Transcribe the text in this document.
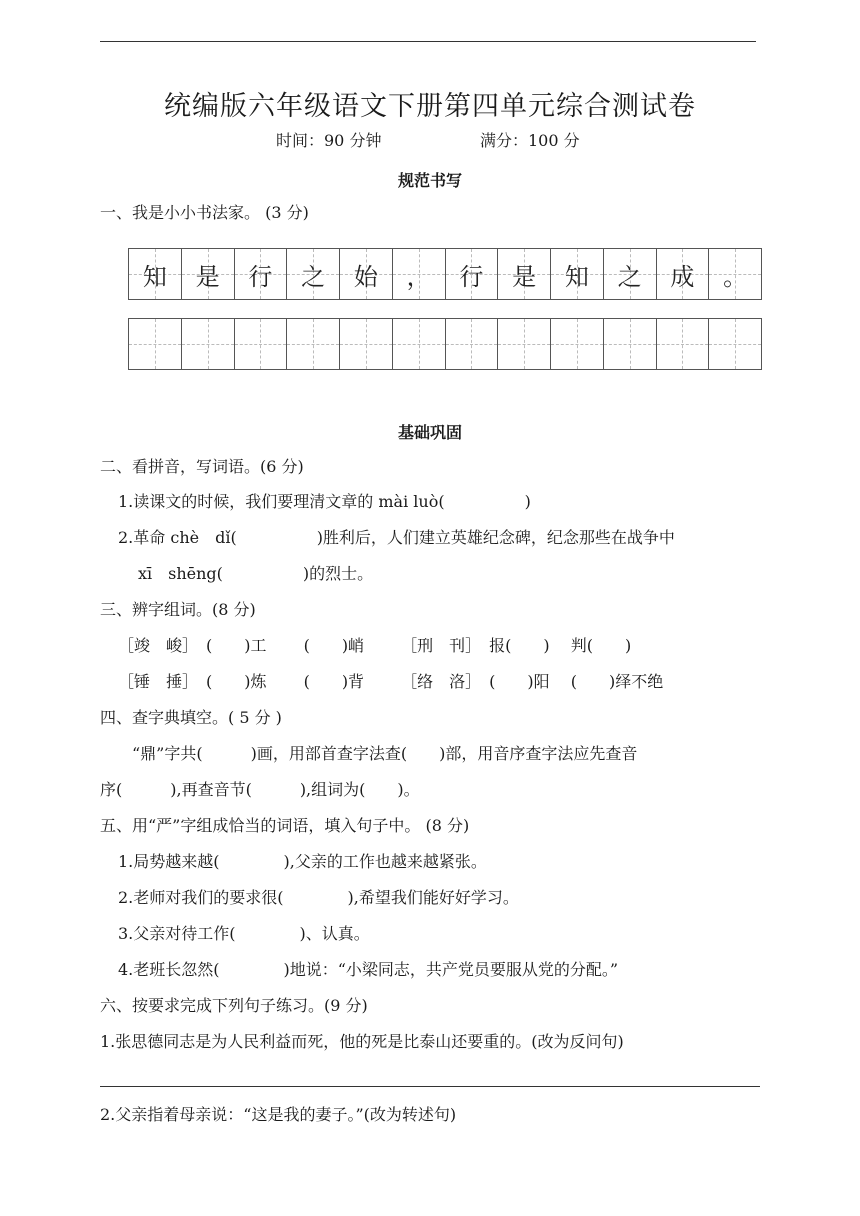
统编版六年级语文下册第四单元综合测试卷
时间：90 分钟	满分：100 分
规范书写
一、我是小小书法家。 (3 分)
知 是 行 之 始 ， 行 是 知 之 成 。
基础巩固
二、看拼音，写词语。(6 分)
1.读课文的时候，我们要理清文章的 mài luò(　　　　　)
2.革命 chè　dǐ(　　　　　)胜利后，人们建立英雄纪念碑，纪念那些在战争中
xī　shēng(　　　　　)的烈士。
三、辨字组词。(8 分)
［竣　峻］　(　　)工　　 (　　)峭　　 ［刑　刊］　报(　　)　 判(　　)
［锤　捶］　(　　)炼　　 (　　)背　　 ［络　洛］　(　　)阳　 (　　)绎不绝
四、查字典填空。( 5 分 )
“鼎”字共(　　　)画，用部首查字法查(　　)部，用音序查字法应先查音
序(　　　),再查音节(　　　),组词为(　　)。
五、用“严”字组成恰当的词语，填入句子中。 (8 分)
1.局势越来越(　　　　),父亲的工作也越来越紧张。
2.老师对我们的要求很(　　　　),希望我们能好好学习。
3.父亲对待工作(　　　　)、认真。
4.老班长忽然(　　　　)地说：“小梁同志，共产党员要服从党的分配。”
六、按要求完成下列句子练习。(9 分)
1.张思德同志是为人民利益而死，他的死是比泰山还要重的。(改为反问句)
2.父亲指着母亲说：“这是我的妻子。”(改为转述句)
